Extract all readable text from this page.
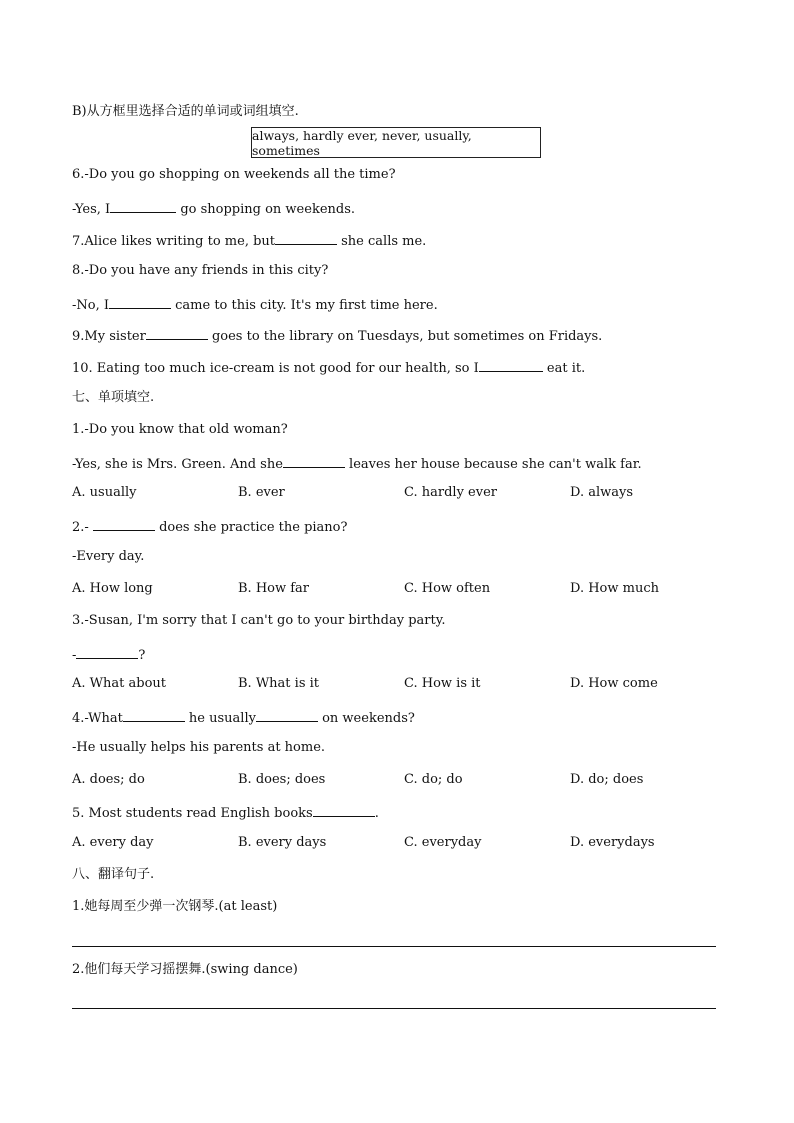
B)从方框里选择合适的单词或词组填空.
always, hardly ever, never, usually, sometimes
6.-Do you go shopping on weekends all the time?
-Yes, I	go shopping on weekends.
7.Alice likes writing to me, but	she calls me.
8.-Do you have any friends in this city?
-No, I	came to this city. It's my first time here.
9.My sister	goes to the library on Tuesdays, but sometimes on Fridays.
10. Eating too much ice-cream is not good for our health, so I	eat it.
七、单项填空.
1.-Do you know that old woman?
-Yes, she is Mrs. Green. And she	leaves her house because she can't walk far.
A. usually	B. ever	C. hardly ever	D. always
2.-	does she practice the piano?
-Every day.
A. How long	B. How far	C. How often	D. How much
3.-Susan, I'm sorry that I can't go to your birthday party.
-	?
A. What about	B. What is it	C. How is it	D. How come
4.-What	he usually	on weekends?
-He usually helps his parents at home.
A. does; do	B. does; does	C. do; do	D. do; does
5. Most students read English books	.
A. every day	B. every days	C. everyday	D. everydays
八、翻译句子.
1.她每周至少弹一次钢琴.(at least)
2.他们每天学习摇摆舞.(swing dance)
